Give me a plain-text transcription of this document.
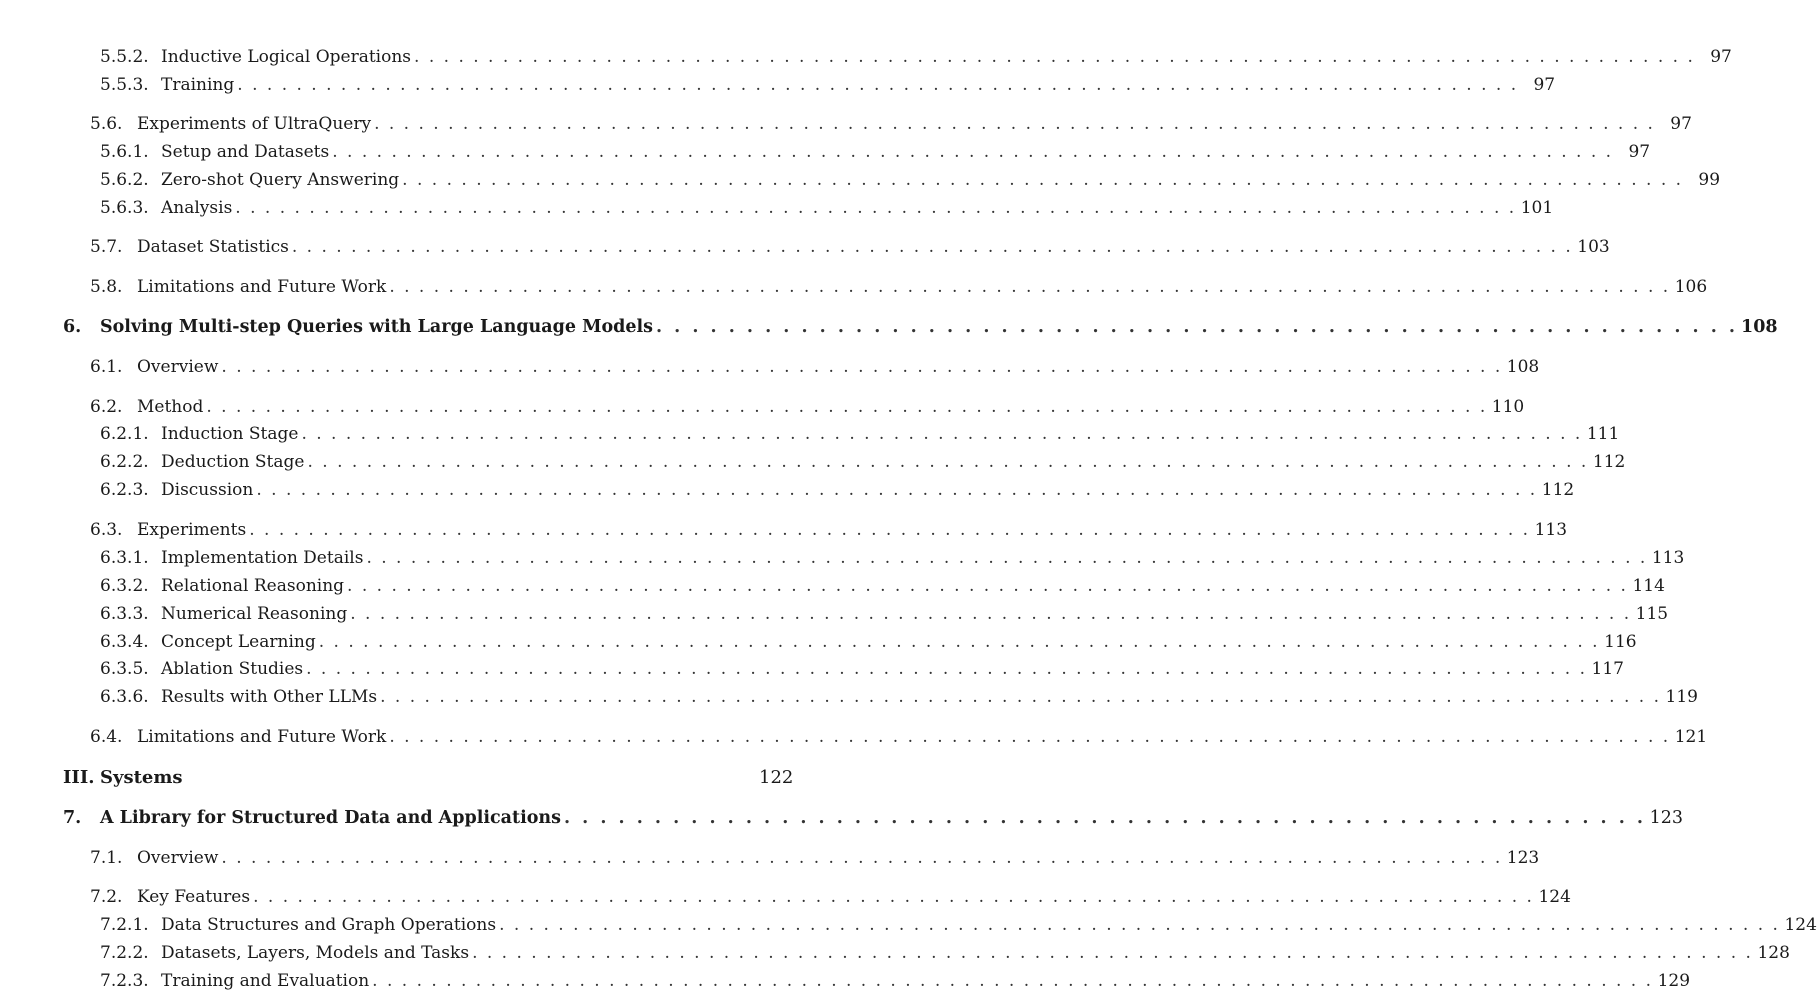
5.5.2. Inductive Logical Operations . . . . . . . . . . . . . . . . . . . . . . . . . . . . . . . . . . . . . . . . . . . . . . . . . . . . . . . . . . . . . . . . . . . . . . . . . . . . . . . . . . . . . . . 97
5.5.3. Training . . . . . . . . . . . . . . . . . . . . . . . . . . . . . . . . . . . . . . . . . . . . . . . . . . . . . . . . . . . . . . . . . . . . . . . . . . . . . . . . . . . . . . . 97
5.6. Experiments of UltraQuery . . . . . . . . . . . . . . . . . . . . . . . . . . . . . . . . . . . . . . . . . . . . . . . . . . . . . . . . . . . . . . . . . . . . . . . . . . . . . . . . . . . . . . . 97
5.6.1. Setup and Datasets . . . . . . . . . . . . . . . . . . . . . . . . . . . . . . . . . . . . . . . . . . . . . . . . . . . . . . . . . . . . . . . . . . . . . . . . . . . . . . . . . . . . . . . 97
5.6.2. Zero-shot Query Answering . . . . . . . . . . . . . . . . . . . . . . . . . . . . . . . . . . . . . . . . . . . . . . . . . . . . . . . . . . . . . . . . . . . . . . . . . . . . . . . . . . . . . . . 99
5.6.3. Analysis . . . . . . . . . . . . . . . . . . . . . . . . . . . . . . . . . . . . . . . . . . . . . . . . . . . . . . . . . . . . . . . . . . . . . . . . . . . . . . . . . . . . . . . 101
5.7. Dataset Statistics . . . . . . . . . . . . . . . . . . . . . . . . . . . . . . . . . . . . . . . . . . . . . . . . . . . . . . . . . . . . . . . . . . . . . . . . . . . . . . . . . . . . . . . 103
5.8. Limitations and Future Work . . . . . . . . . . . . . . . . . . . . . . . . . . . . . . . . . . . . . . . . . . . . . . . . . . . . . . . . . . . . . . . . . . . . . . . . . . . . . . . . . . . . . . . 106
6.	Solving Multi-step Queries with Large Language Models . . . . . . . . . . . . . . . . . . . . . . . . . . . . . . . . . . . . . . . . . . . . . . . . . . . . . . . . . . . . 108
6.1. Overview . . . . . . . . . . . . . . . . . . . . . . . . . . . . . . . . . . . . . . . . . . . . . . . . . . . . . . . . . . . . . . . . . . . . . . . . . . . . . . . . . . . . . . . 108
6.2. Method . . . . . . . . . . . . . . . . . . . . . . . . . . . . . . . . . . . . . . . . . . . . . . . . . . . . . . . . . . . . . . . . . . . . . . . . . . . . . . . . . . . . . . . 110
6.2.1. Induction Stage . . . . . . . . . . . . . . . . . . . . . . . . . . . . . . . . . . . . . . . . . . . . . . . . . . . . . . . . . . . . . . . . . . . . . . . . . . . . . . . . . . . . . . . 111
6.2.2. Deduction Stage . . . . . . . . . . . . . . . . . . . . . . . . . . . . . . . . . . . . . . . . . . . . . . . . . . . . . . . . . . . . . . . . . . . . . . . . . . . . . . . . . . . . . . . 112
6.2.3. Discussion . . . . . . . . . . . . . . . . . . . . . . . . . . . . . . . . . . . . . . . . . . . . . . . . . . . . . . . . . . . . . . . . . . . . . . . . . . . . . . . . . . . . . . . 112
6.3. Experiments . . . . . . . . . . . . . . . . . . . . . . . . . . . . . . . . . . . . . . . . . . . . . . . . . . . . . . . . . . . . . . . . . . . . . . . . . . . . . . . . . . . . . . . 113
6.3.1. Implementation Details . . . . . . . . . . . . . . . . . . . . . . . . . . . . . . . . . . . . . . . . . . . . . . . . . . . . . . . . . . . . . . . . . . . . . . . . . . . . . . . . . . . . . . . 113
6.3.2. Relational Reasoning . . . . . . . . . . . . . . . . . . . . . . . . . . . . . . . . . . . . . . . . . . . . . . . . . . . . . . . . . . . . . . . . . . . . . . . . . . . . . . . . . . . . . . . 114
6.3.3. Numerical Reasoning . . . . . . . . . . . . . . . . . . . . . . . . . . . . . . . . . . . . . . . . . . . . . . . . . . . . . . . . . . . . . . . . . . . . . . . . . . . . . . . . . . . . . . . 115
6.3.4. Concept Learning . . . . . . . . . . . . . . . . . . . . . . . . . . . . . . . . . . . . . . . . . . . . . . . . . . . . . . . . . . . . . . . . . . . . . . . . . . . . . . . . . . . . . . . 116
6.3.5. Ablation Studies . . . . . . . . . . . . . . . . . . . . . . . . . . . . . . . . . . . . . . . . . . . . . . . . . . . . . . . . . . . . . . . . . . . . . . . . . . . . . . . . . . . . . . . 117
6.3.6. Results with Other LLMs . . . . . . . . . . . . . . . . . . . . . . . . . . . . . . . . . . . . . . . . . . . . . . . . . . . . . . . . . . . . . . . . . . . . . . . . . . . . . . . . . . . . . . . 119
6.4. Limitations and Future Work . . . . . . . . . . . . . . . . . . . . . . . . . . . . . . . . . . . . . . . . . . . . . . . . . . . . . . . . . . . . . . . . . . . . . . . . . . . . . . . . . . . . . . . 121
III. Systems	122
7.	A Library for Structured Data and Applications . . . . . . . . . . . . . . . . . . . . . . . . . . . . . . . . . . . . . . . . . . . . . . . . . . . . . . . . . . . . 123
7.1. Overview . . . . . . . . . . . . . . . . . . . . . . . . . . . . . . . . . . . . . . . . . . . . . . . . . . . . . . . . . . . . . . . . . . . . . . . . . . . . . . . . . . . . . . . 123
7.2. Key Features . . . . . . . . . . . . . . . . . . . . . . . . . . . . . . . . . . . . . . . . . . . . . . . . . . . . . . . . . . . . . . . . . . . . . . . . . . . . . . . . . . . . . . . 124
7.2.1. Data Structures and Graph Operations . . . . . . . . . . . . . . . . . . . . . . . . . . . . . . . . . . . . . . . . . . . . . . . . . . . . . . . . . . . . . . . . . . . . . . . . . . . . . . . . . . . . . . . 124
7.2.2. Datasets, Layers, Models and Tasks . . . . . . . . . . . . . . . . . . . . . . . . . . . . . . . . . . . . . . . . . . . . . . . . . . . . . . . . . . . . . . . . . . . . . . . . . . . . . . . . . . . . . . . 128
7.2.3. Training and Evaluation . . . . . . . . . . . . . . . . . . . . . . . . . . . . . . . . . . . . . . . . . . . . . . . . . . . . . . . . . . . . . . . . . . . . . . . . . . . . . . . . . . . . . . . 129
